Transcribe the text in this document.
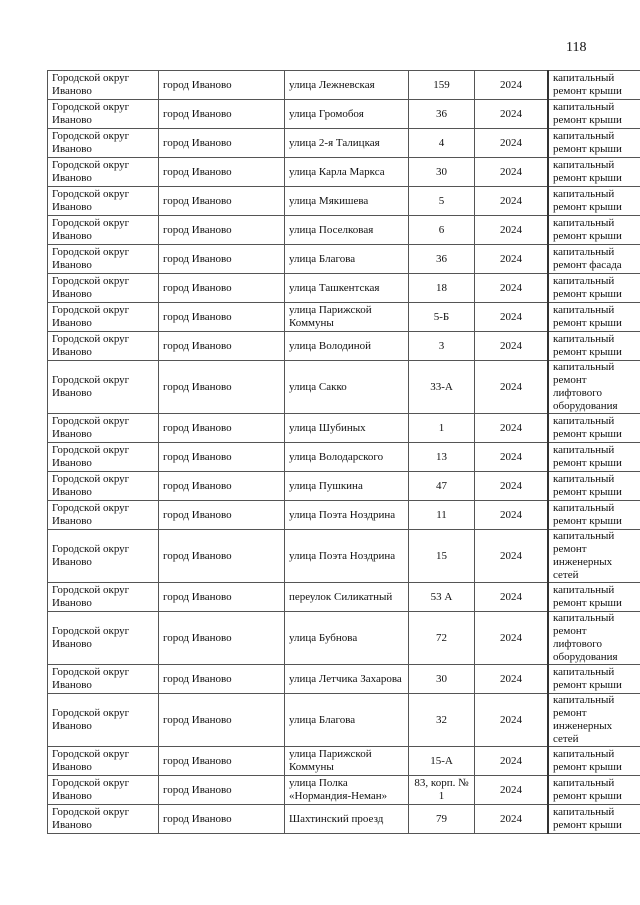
118
Городской округ Иваново	город Иваново	улица Лежневская	159	2024	капитальный ремонт крыши
Городской округ Иваново	город Иваново	улица Громобоя	36	2024	капитальный ремонт крыши
Городской округ Иваново	город Иваново	улица 2-я Талицкая	4	2024	капитальный ремонт крыши
Городской округ Иваново	город Иваново	улица Карла Маркса	30	2024	капитальный ремонт крыши
Городской округ Иваново	город Иваново	улица Мякишева	5	2024	капитальный ремонт крыши
Городской округ Иваново	город Иваново	улица Поселковая	6	2024	капитальный ремонт крыши
Городской округ Иваново	город Иваново	улица Благова	36	2024	капитальный ремонт фасада
Городской округ Иваново	город Иваново	улица Ташкентская	18	2024	капитальный ремонт крыши
Городской округ Иваново	город Иваново	улица Парижской Коммуны	5-Б	2024	капитальный ремонт крыши
Городской округ Иваново	город Иваново	улица Володиной	3	2024	капитальный ремонт крыши
Городской округ Иваново	город Иваново	улица Сакко	33-А	2024	капитальный ремонт лифтового оборудования
Городской округ Иваново	город Иваново	улица Шубиных	1	2024	капитальный ремонт крыши
Городской округ Иваново	город Иваново	улица Володарского	13	2024	капитальный ремонт крыши
Городской округ Иваново	город Иваново	улица Пушкина	47	2024	капитальный ремонт крыши
Городской округ Иваново	город Иваново	улица Поэта Ноздрина	11	2024	капитальный ремонт крыши
Городской округ Иваново	город Иваново	улица Поэта Ноздрина	15	2024	капитальный ремонт инженерных сетей
Городской округ Иваново	город Иваново	переулок Силикатный	53 А	2024	капитальный ремонт крыши
Городской округ Иваново	город Иваново	улица Бубнова	72	2024	капитальный ремонт лифтового оборудования
Городской округ Иваново	город Иваново	улица Летчика Захарова	30	2024	капитальный ремонт крыши
Городской округ Иваново	город Иваново	улица Благова	32	2024	капитальный ремонт инженерных сетей
Городской округ Иваново	город Иваново	улица Парижской Коммуны	15-А	2024	капитальный ремонт крыши
Городской округ Иваново	город Иваново	улица Полка «Нормандия-Неман»	83, корп. № 1	2024	капитальный ремонт крыши
Городской округ Иваново	город Иваново	Шахтинский проезд	79	2024	капитальный ремонт крыши
